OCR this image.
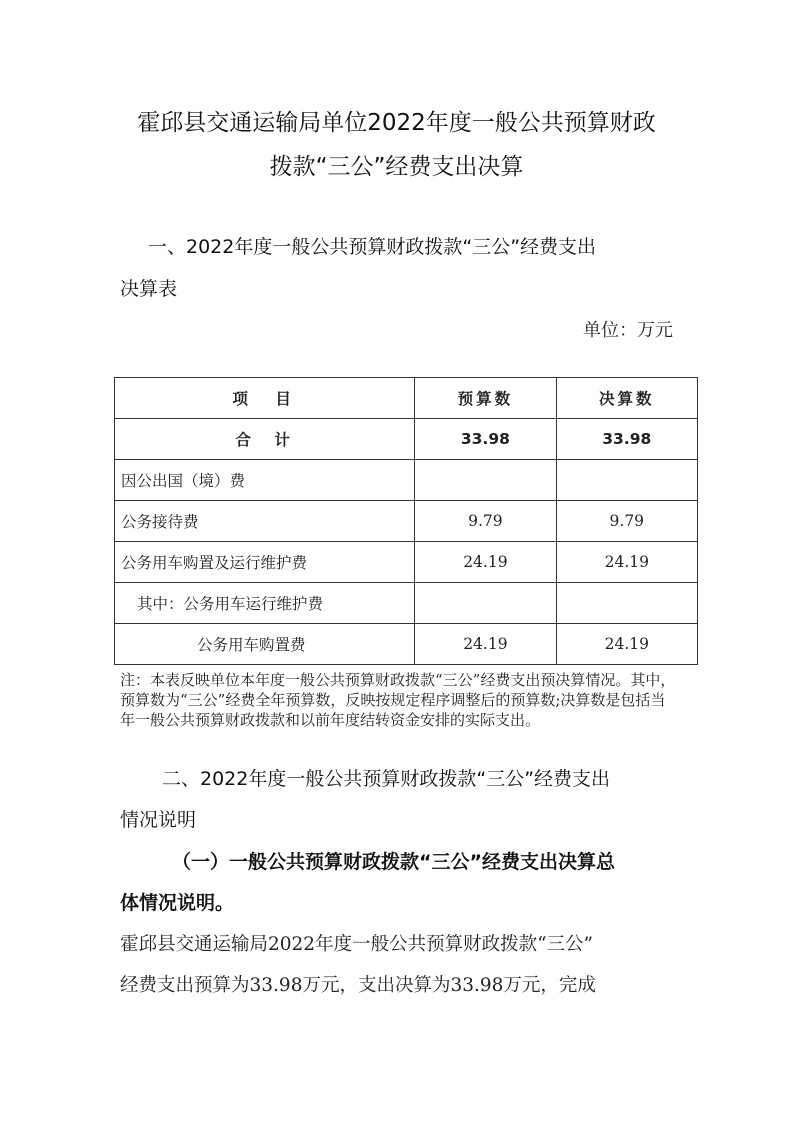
霍邱县交通运输局单位2022年度一般公共预算财政
拨款“三公”经费支出决算
一、2022年度一般公共预算财政拨款“三公”经费支出
决算表
单位：万元
项　目	预算数	决算数
合　计	33.98	33.98
因公出国（境）费		
公务接待费	9.79	9.79
公务用车购置及运行维护费	24.19	24.19
其中：公务用车运行维护费		
公务用车购置费	24.19	24.19
注：本表反映单位本年度一般公共预算财政拨款“三公”经费支出预决算情况。其中，预算数为“三公”经费全年预算数，反映按规定程序调整后的预算数;决算数是包括当年一般公共预算财政拨款和以前年度结转资金安排的实际支出。
二、2022年度一般公共预算财政拨款“三公”经费支出
情况说明
（一）一般公共预算财政拨款“三公”经费支出决算总
体情况说明。
霍邱县交通运输局2022年度一般公共预算财政拨款“三公”
经费支出预算为33.98万元，支出决算为33.98万元，完成
